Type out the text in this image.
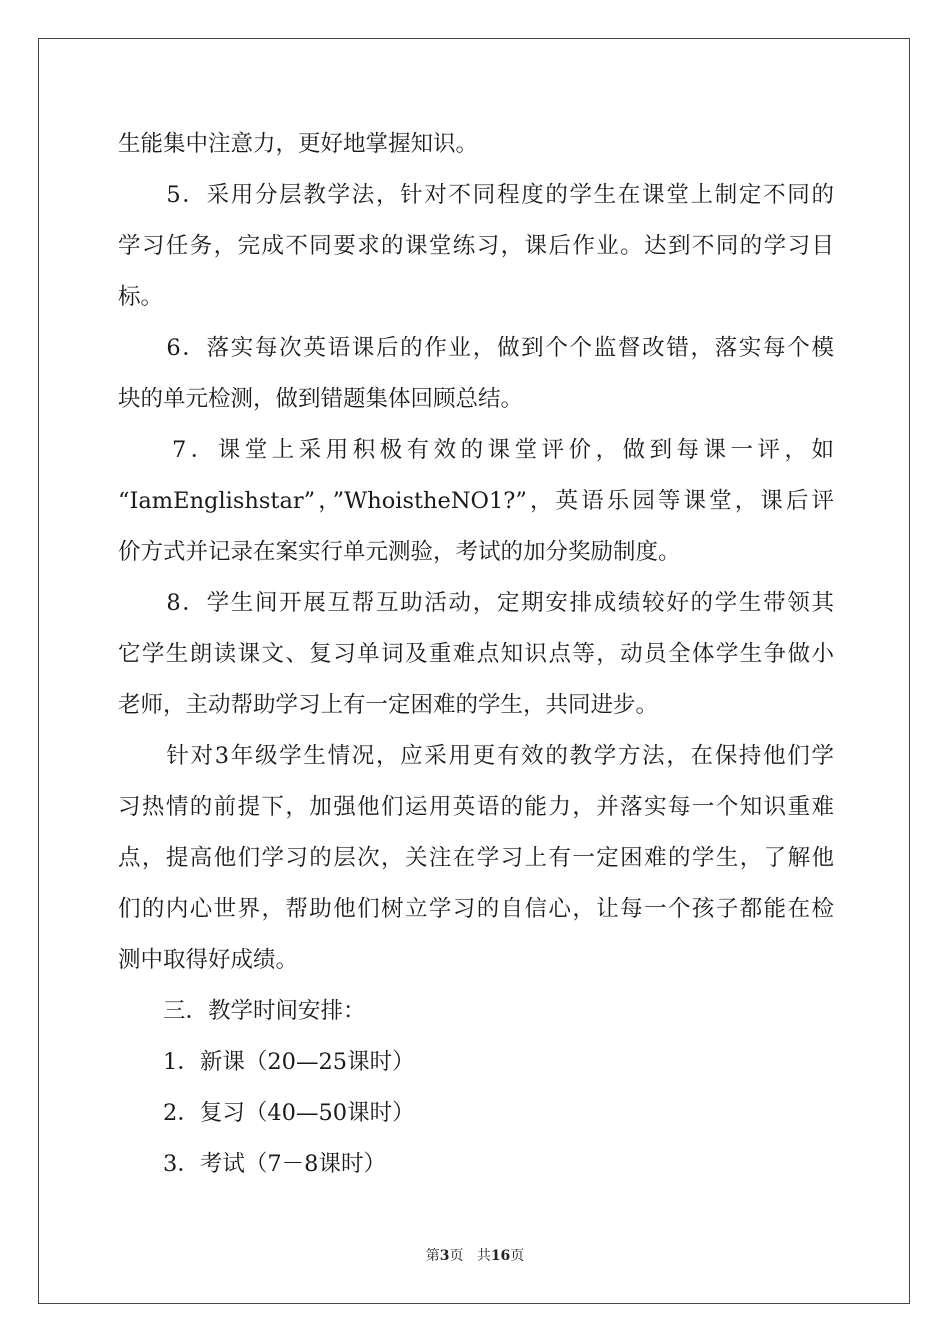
生能集中注意力，更好地掌握知识。
　　5．采用分层教学法，针对不同程度的学生在课堂上制定不同的
学习任务，完成不同要求的课堂练习，课后作业。达到不同的学习目
标。
　　6．落实每次英语课后的作业，做到个个监督改错，落实每个模
块的单元检测，做到错题集体回顾总结。
　　7．课堂上采用积极有效的课堂评价，做到每课一评，如
“IamEnglishstar”，”WhoistheNO1?”，英语乐园等课堂，课后评
价方式并记录在案实行单元测验，考试的加分奖励制度。
　　8．学生间开展互帮互助活动，定期安排成绩较好的学生带领其
它学生朗读课文、复习单词及重难点知识点等，动员全体学生争做小
老师，主动帮助学习上有一定困难的学生，共同进步。
　　针对3年级学生情况，应采用更有效的教学方法，在保持他们学
习热情的前提下，加强他们运用英语的能力，并落实每一个知识重难
点，提高他们学习的层次，关注在学习上有一定困难的学生，了解他
们的内心世界，帮助他们树立学习的自信心，让每一个孩子都能在检
测中取得好成绩。
　　三．教学时间安排：
　　1．新课（20—25课时）
　　2．复习（40—50课时）
　　3．考试（7－8课时）
第3页 共16页
